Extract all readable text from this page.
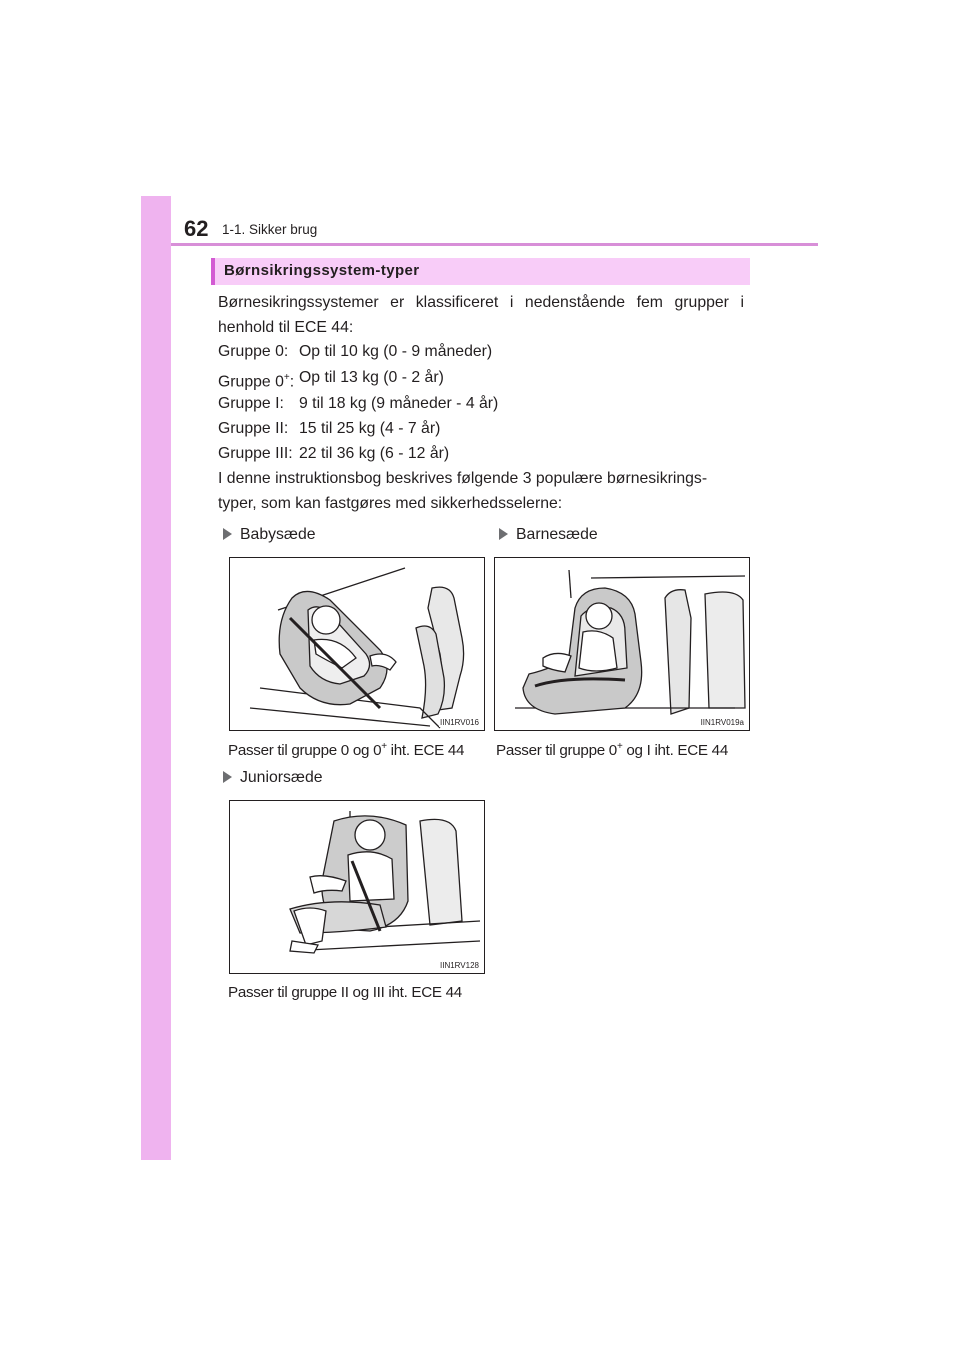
62 1-1. Sikker brug
Børnsikringssystem-typer
Børnesikringssystemer er klassificeret i nedenstående fem grupper i henhold til ECE 44:
Gruppe 0: Op til 10 kg (0 - 9 måneder)
Gruppe 0+: Op til 13 kg (0 - 2 år)
Gruppe I: 9 til 18 kg (9 måneder - 4 år)
Gruppe II: 15 til 25 kg (4 - 7 år)
Gruppe III: 22 til 36 kg (6 - 12 år)
I denne instruktionsbog beskrives følgende 3 populære børnesikrings-typer, som kan fastgøres med sikkerhedsselerne:
Babysæde
IIN1RV016
Passer til gruppe 0 og 0+ iht. ECE 44
Barnesæde
IIN1RV019a
Passer til gruppe 0+ og I iht. ECE 44
Juniorsæde
IIN1RV128
Passer til gruppe II og III iht. ECE 44
